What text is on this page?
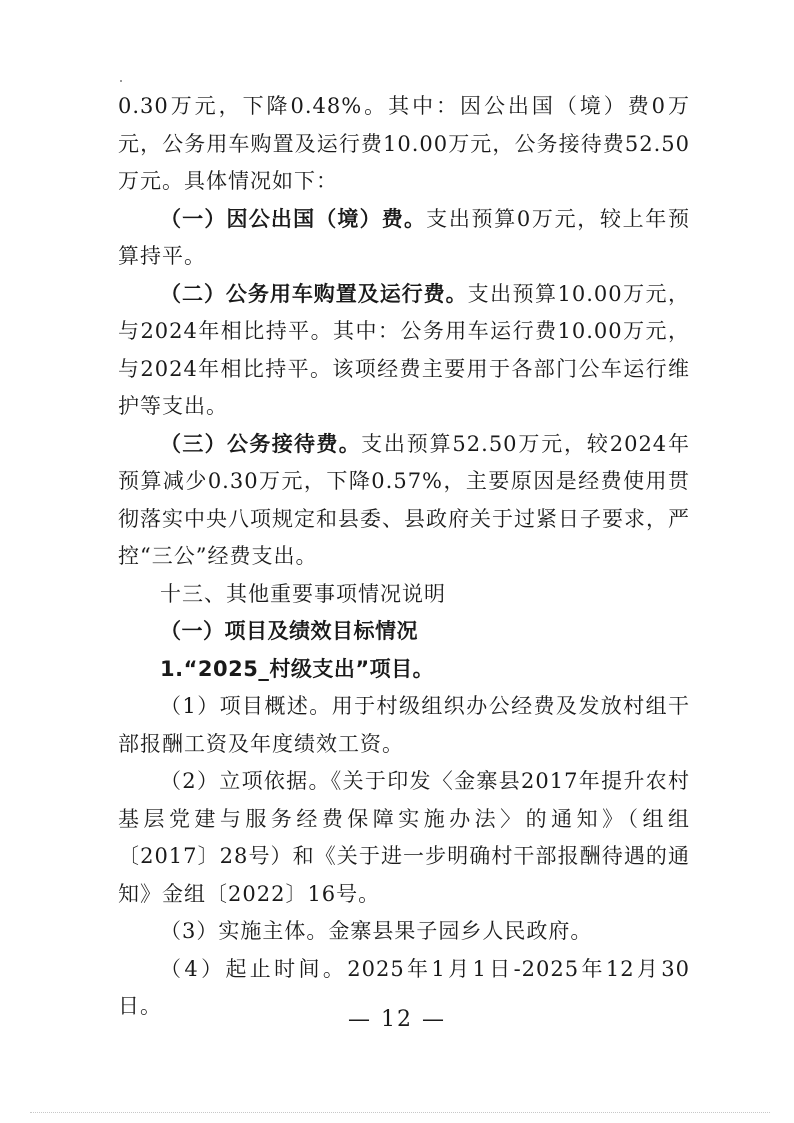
0.30万元，下降0.48%。其中：因公出国（境）费0万元，公务用车购置及运行费10.00万元，公务接待费52.50万元。具体情况如下：

（一）因公出国（境）费。支出预算0万元，较上年预算持平。

（二）公务用车购置及运行费。支出预算10.00万元，与2024年相比持平。其中：公务用车运行费10.00万元，与2024年相比持平。该项经费主要用于各部门公车运行维护等支出。

（三）公务接待费。支出预算52.50万元，较2024年预算减少0.30万元，下降0.57%，主要原因是经费使用贯彻落实中央八项规定和县委、县政府关于过紧日子要求，严控“三公”经费支出。

十三、其他重要事项情况说明

（一）项目及绩效目标情况

1.“2025_村级支出”项目。

（1）项目概述。用于村级组织办公经费及发放村组干部报酬工资及年度绩效工资。

（2）立项依据。《关于印发〈金寨县2017年提升农村基层党建与服务经费保障实施办法〉的通知》（组组〔2017〕28号）和《关于进一步明确村干部报酬待遇的通知》金组〔2022〕16号。

（3）实施主体。金寨县果子园乡人民政府。

（4）起止时间。2025年1月1日-2025年12月30日。

— 12 —
